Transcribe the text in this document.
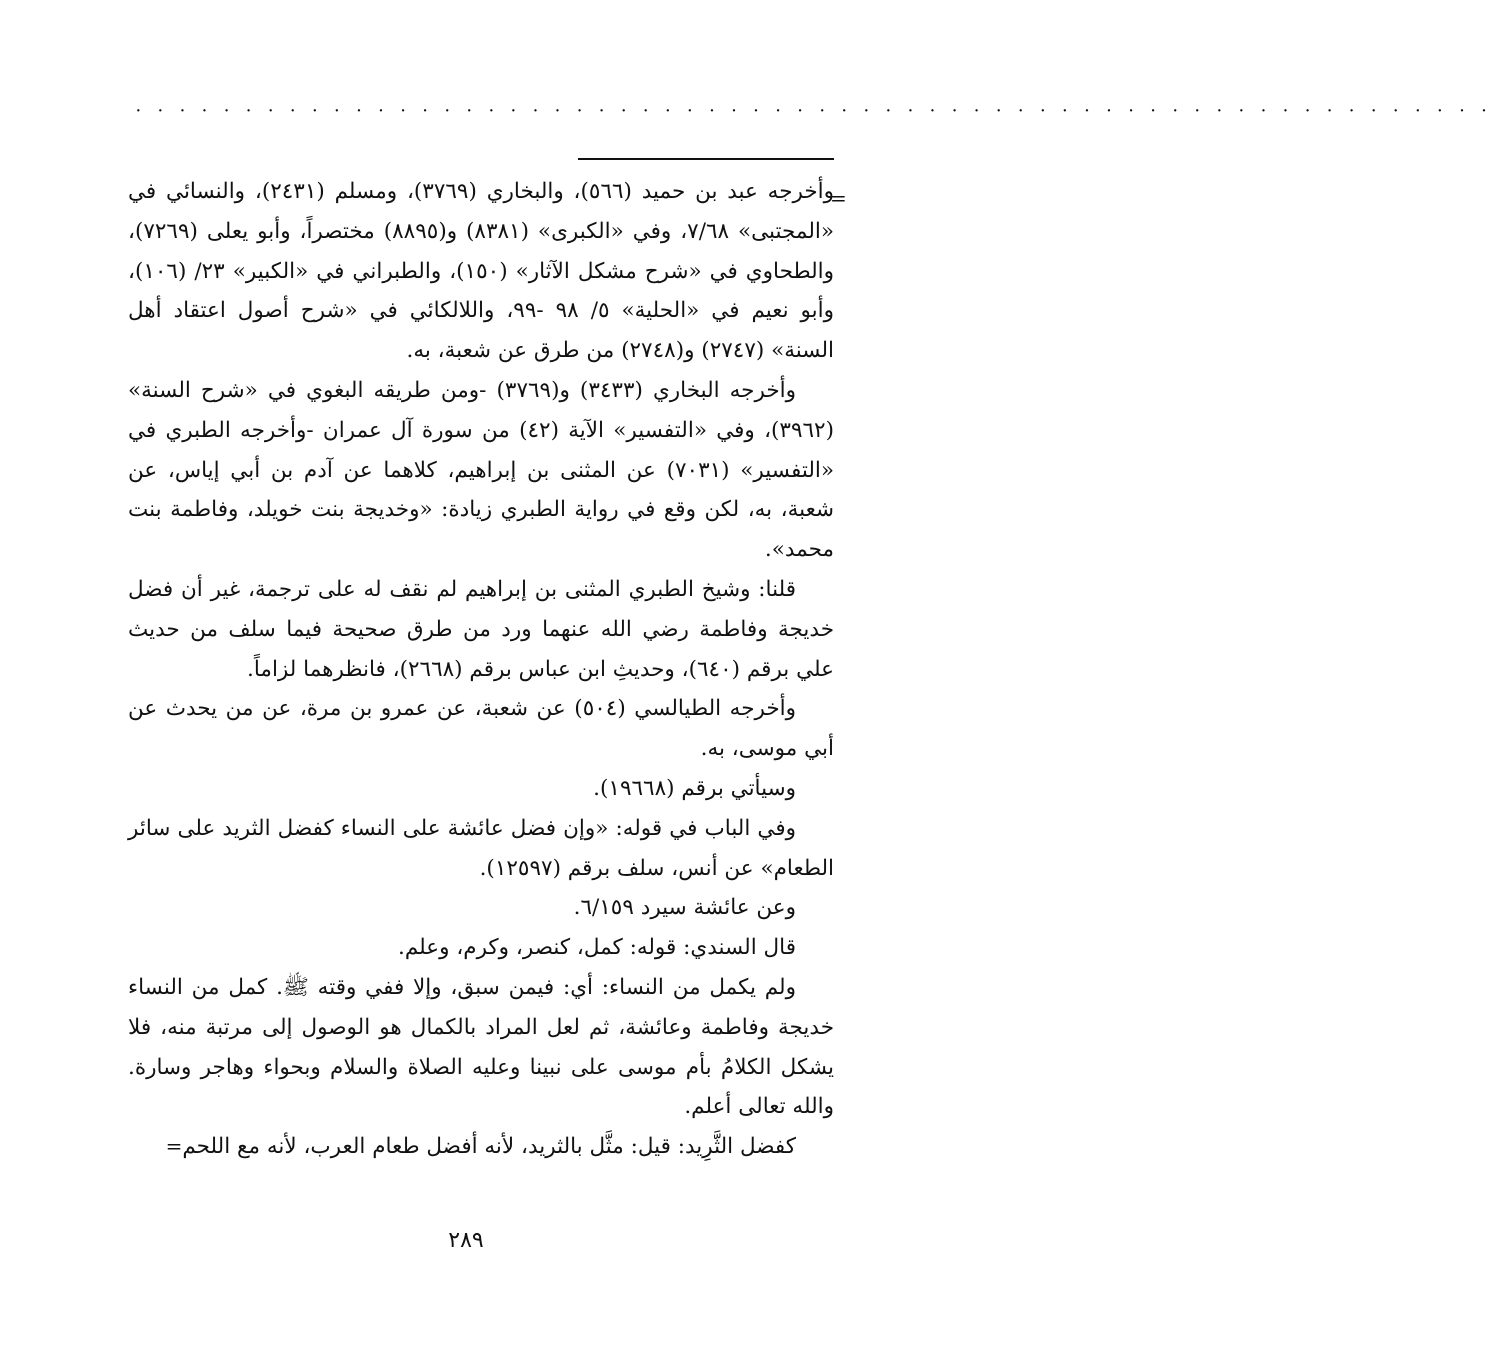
· · · · · · · · · · · · · · · · · · · · · · · · · · · · · · · · · · · · · · · · · · · · · · · · · · · · · · · · · · · · · ·
=

وأخرجه عبد بن حميد (٥٦٦)، والبخاري (٣٧٦٩)، ومسلم (٢٤٣١)، والنسائي في «المجتبى» ٧/٦٨، وفي «الكبرى» (٨٣٨١) و(٨٨٩٥) مختصراً، وأبو يعلى (٧٢٦٩)، والطحاوي في «شرح مشكل الآثار» (١٥٠)، والطبراني في «الكبير» ٢٣/ (١٠٦)، وأبو نعيم في «الحلية» ٥/ ٩٨ -٩٩، واللالكائي في «شرح أصول اعتقاد أهل السنة» (٢٧٤٧) و(٢٧٤٨) من طرق عن شعبة، به.

وأخرجه البخاري (٣٤٣٣) و(٣٧٦٩) -ومن طريقه البغوي في «شرح السنة» (٣٩٦٢)، وفي «التفسير» الآية (٤٢) من سورة آل عمران -وأخرجه الطبري في «التفسير» (٧٠٣١) عن المثنى بن إبراهيم، كلاهما عن آدم بن أبي إياس، عن شعبة، به، لكن وقع في رواية الطبري زيادة: «وخديجة بنت خويلد، وفاطمة بنت محمد».

قلنا: وشيخ الطبري المثنى بن إبراهيم لم نقف له على ترجمة، غير أن فضل خديجة وفاطمة رضي الله عنهما ورد من طرق صحيحة فيما سلف من حديث علي برقم (٦٤٠)، وحديثِ ابن عباس برقم (٢٦٦٨)، فانظرهما لزاماً.

وأخرجه الطيالسي (٥٠٤) عن شعبة، عن عمرو بن مرة، عن من يحدث عن أبي موسى، به.

وسيأتي برقم (١٩٦٦٨).

وفي الباب في قوله: «وإن فضل عائشة على النساء كفضل الثريد على سائر الطعام» عن أنس، سلف برقم (١٢٥٩٧).

وعن عائشة سيرد ٦/١٥٩.

قال السندي: قوله: كمل، كنصر، وكرم، وعلم.

ولم يكمل من النساء: أي: فيمن سبق، وإلا ففي وقته ﷺ. كمل من النساء خديجة وفاطمة وعائشة، ثم لعل المراد بالكمال هو الوصول إلى مرتبة منه، فلا يشكل الكلامُ بأم موسى على نبينا وعليه الصلاة والسلام وبحواء وهاجر وسارة. والله تعالى أعلم.

كفضل الثَّرِيد: قيل: مثَّل بالثريد، لأنه أفضل طعام العرب، لأنه مع اللحم=

٢٨٩
